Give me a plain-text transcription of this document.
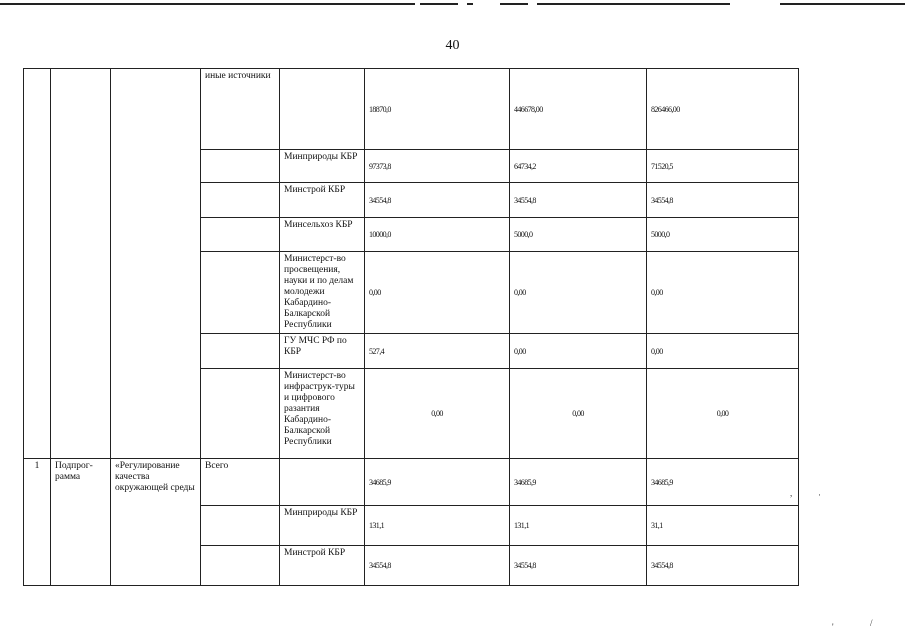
40
			иные источники		18870,0	446678,00	826466,00
				Минприроды КБР	97373,8	64734,2	71520,5
				Минстрой КБР	34554,8	34554,8	34554,8
				Минсельхоз КБР	10000,0	5000,0	5000,0
				Министерст-во просвещения, науки и по делам молодежи Кабардино-Балкарской Республики	0,00	0,00	0,00
				ГУ МЧС РФ по КБР	527,4	0,00	0,00
				Министерст-во инфраструк-туры и цифрового разантия Кабардино-Балкарской Республики	0,00	0,00	0,00
1	Подпрог-рамма	«Регулирование качества окружающей среды	Всего		34685,9	34685,9	34685,9
				Минприроды КБР	131,1	131,1	31,1
				Минстрой КБР	34554,8	34554,8	34554,8
,	·
'	/
